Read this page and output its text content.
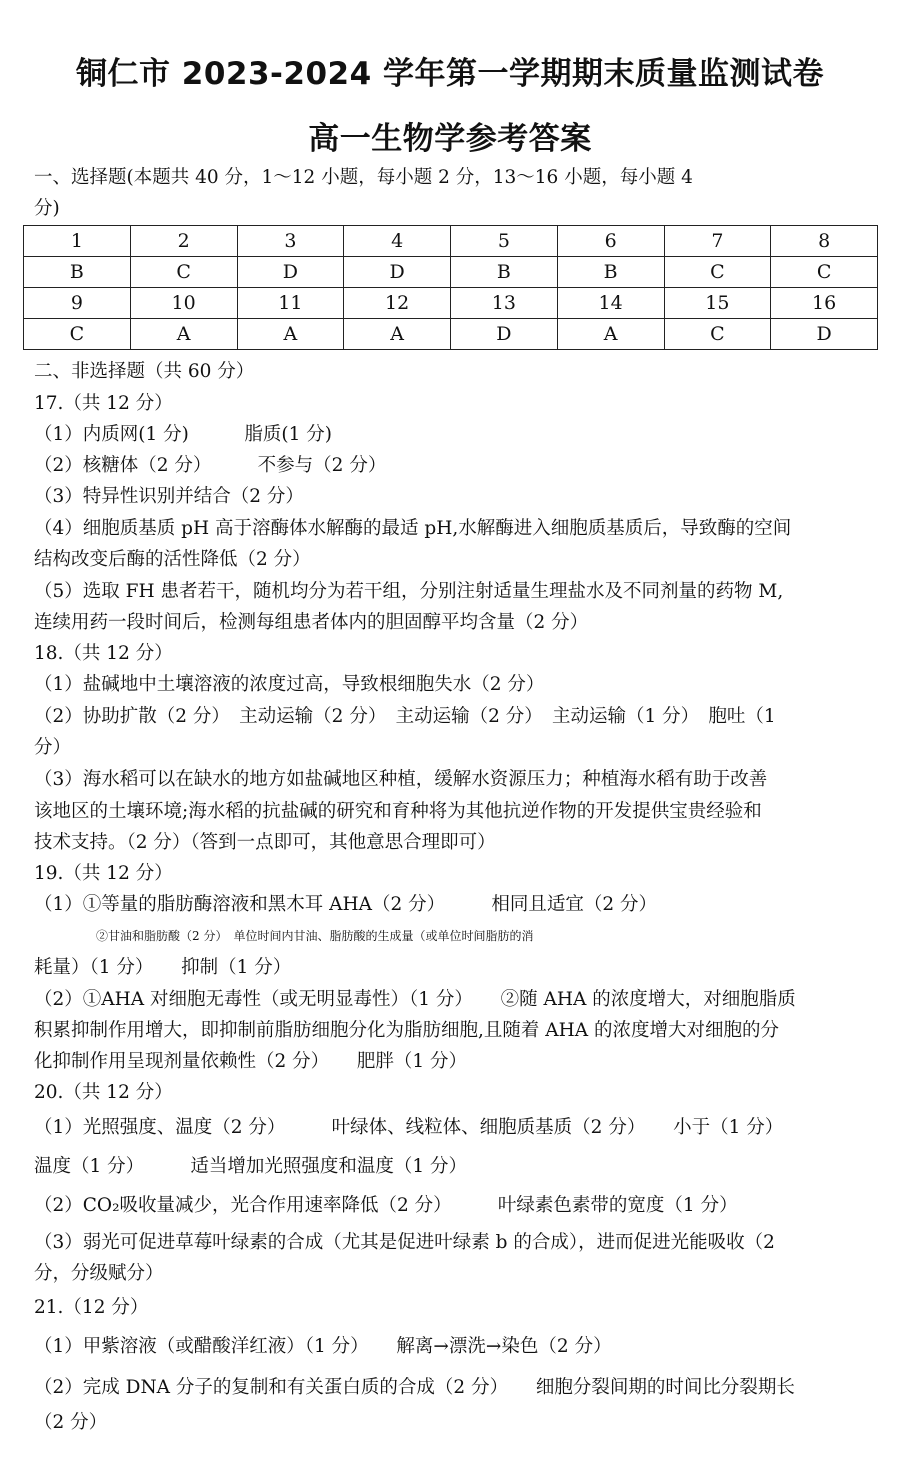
铜仁市 2023-2024 学年第一学期期末质量监测试卷
高一生物学参考答案
一、选择题(本题共 40 分，1～12 小题，每小题 2 分，13～16 小题，每小题 4
分)
1	2	3	4	5	6	7	8
B	C	D	D	B	B	C	C
9	10	11	12	13	14	15	16
C	A	A	A	D	A	C	D
二、非选择题（共 60 分）
17.（共 12 分）
（1）内质网(1 分)　　　脂质(1 分)
（2）核糖体（2 分）　　　不参与（2 分）
（3）特异性识别并结合（2 分）
（4）细胞质基质 pH 高于溶酶体水解酶的最适 pH,水解酶进入细胞质基质后，导致酶的空间
结构改变后酶的活性降低（2 分）
（5）选取 FH 患者若干，随机均分为若干组，分别注射适量生理盐水及不同剂量的药物 M,
连续用药一段时间后，检测每组患者体内的胆固醇平均含量（2 分）
18.（共 12 分）
（1）盐碱地中土壤溶液的浓度过高，导致根细胞失水（2 分）
（2）协助扩散（2 分）　主动运输（2 分）　主动运输（2 分）　主动运输（1 分）　胞吐（1
分）
（3）海水稻可以在缺水的地方如盐碱地区种植，缓解水资源压力；种植海水稻有助于改善
该地区的土壤环境;海水稻的抗盐碱的研究和育种将为其他抗逆作物的开发提供宝贵经验和
技术支持。（2 分）（答到一点即可，其他意思合理即可）
19.（共 12 分）
（1）①等量的脂肪酶溶液和黑木耳 AHA（2 分）　　　相同且适宜（2 分）
②甘油和脂肪酸（2 分）　单位时间内甘油、脂肪酸的生成量（或单位时间脂肪的消
耗量）（1 分）　　抑制（1 分）
（2）①AHA 对细胞无毒性（或无明显毒性）（1 分）　　②随 AHA 的浓度增大，对细胞脂质
积累抑制作用增大，即抑制前脂肪细胞分化为脂肪细胞,且随着 AHA 的浓度增大对细胞的分
化抑制作用呈现剂量依赖性（2 分）　　肥胖（1 分）
20.（共 12 分）
（1）光照强度、温度（2 分）　　　叶绿体、线粒体、细胞质基质（2 分）　　小于（1 分）
温度（1 分）　　　适当增加光照强度和温度（1 分）
（2）CO₂吸收量减少，光合作用速率降低（2 分）　　　叶绿素色素带的宽度（1 分）
（3）弱光可促进草莓叶绿素的合成（尤其是促进叶绿素 b 的合成），进而促进光能吸收（2
分，分级赋分）
21.（12 分）
（1）甲紫溶液（或醋酸洋红液）（1 分）　　解离→漂洗→染色（2 分）
（2）完成 DNA 分子的复制和有关蛋白质的合成（2 分）　　细胞分裂间期的时间比分裂期长
（2 分）
